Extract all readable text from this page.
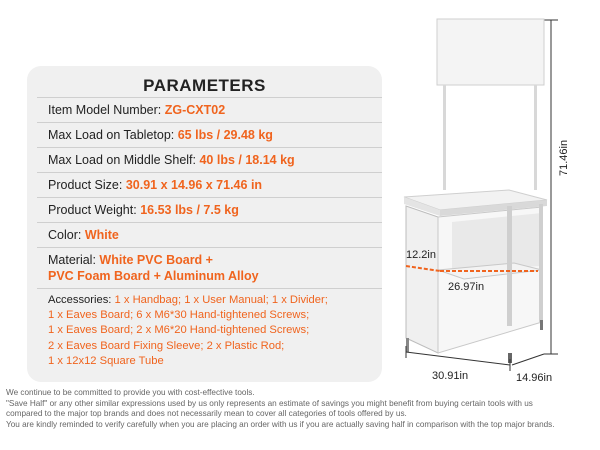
PARAMETERS
Item Model Number: ZG-CXT02
Max Load on Tabletop: 65 lbs / 29.48 kg
Max Load on Middle Shelf: 40 lbs / 18.14 kg
Product Size: 30.91 x 14.96 x 71.46 in
Product Weight: 16.53 lbs / 7.5 kg
Color: White
Material: White PVC Board +
PVC Foam Board + Aluminum Alloy
Accessories: 1 x Handbag; 1 x User Manual; 1 x Divider;
1 x Eaves Board; 6 x M6*30 Hand-tightened Screws;
1 x Eaves Board; 2 x M6*20 Hand-tightened Screws;
2 x Eaves Board Fixing Sleeve; 2 x Plastic Rod;
1 x 12x12 Square Tube
71.46in
12.2in
26.97in
30.91in	14.96in
We continue to be committed to provide you with cost-effective tools.
"Save Half" or any other similar expressions used by us only represents an estimate of savings you might benefit from buying certain tools with us
compared to the major top brands and does not necessarily mean to cover all categories of tools offered by us.
You are kindly reminded to verify carefully when you are placing an order with us if you are actually saving half in comparison with the top major brands.
